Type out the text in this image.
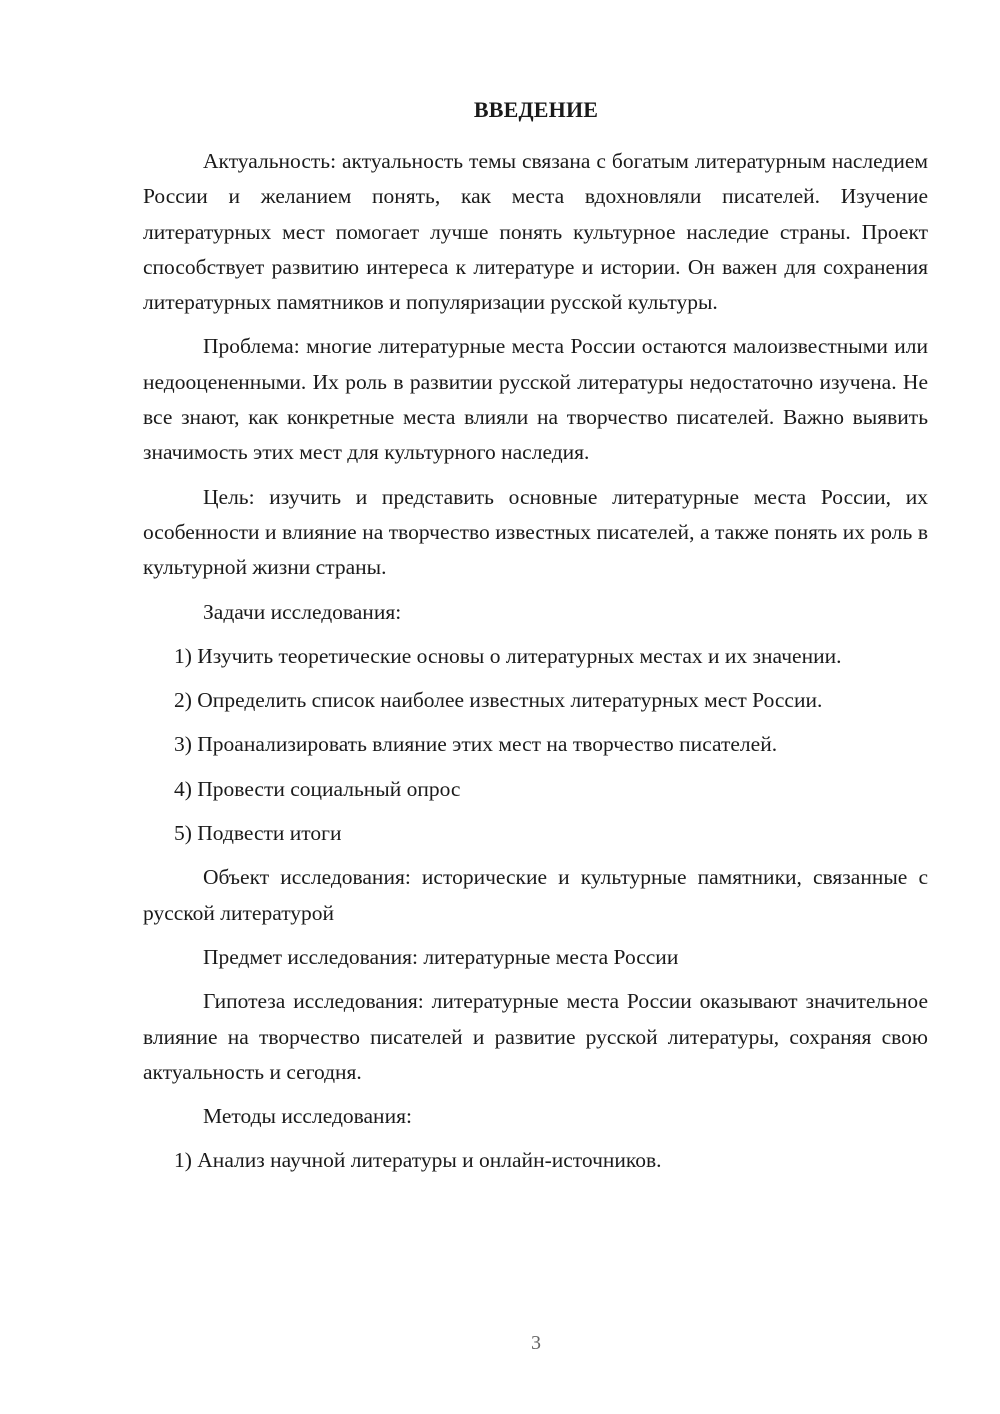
ВВЕДЕНИЕ

Актуальность: актуальность темы связана с богатым литературным наследием России и желанием понять, как места вдохновляли писателей. Изучение литературных мест помогает лучше понять культурное наследие страны. Проект способствует развитию интереса к литературе и истории. Он важен для сохранения литературных памятников и популяризации русской культуры.

Проблема: многие литературные места России остаются малоизвестными или недооцененными. Их роль в развитии русской литературы недостаточно изучена. Не все знают, как конкретные места влияли на творчество писателей. Важно выявить значимость этих мест для культурного наследия.

Цель: изучить и представить основные литературные места России, их особенности и влияние на творчество известных писателей, а также понять их роль в культурной жизни страны.

Задачи исследования:

1) Изучить теоретические основы о литературных местах и их значении.

2) Определить список наиболее известных литературных мест России.

3) Проанализировать влияние этих мест на творчество писателей.

4) Провести социальный опрос

5) Подвести итоги

Объект исследования: исторические и культурные памятники, связанные с русской литературой

Предмет исследования: литературные места России

Гипотеза исследования: литературные места России оказывают значительное влияние на творчество писателей и развитие русской литературы, сохраняя свою актуальность и сегодня.

Методы исследования:

1) Анализ научной литературы и онлайн-источников.

3
